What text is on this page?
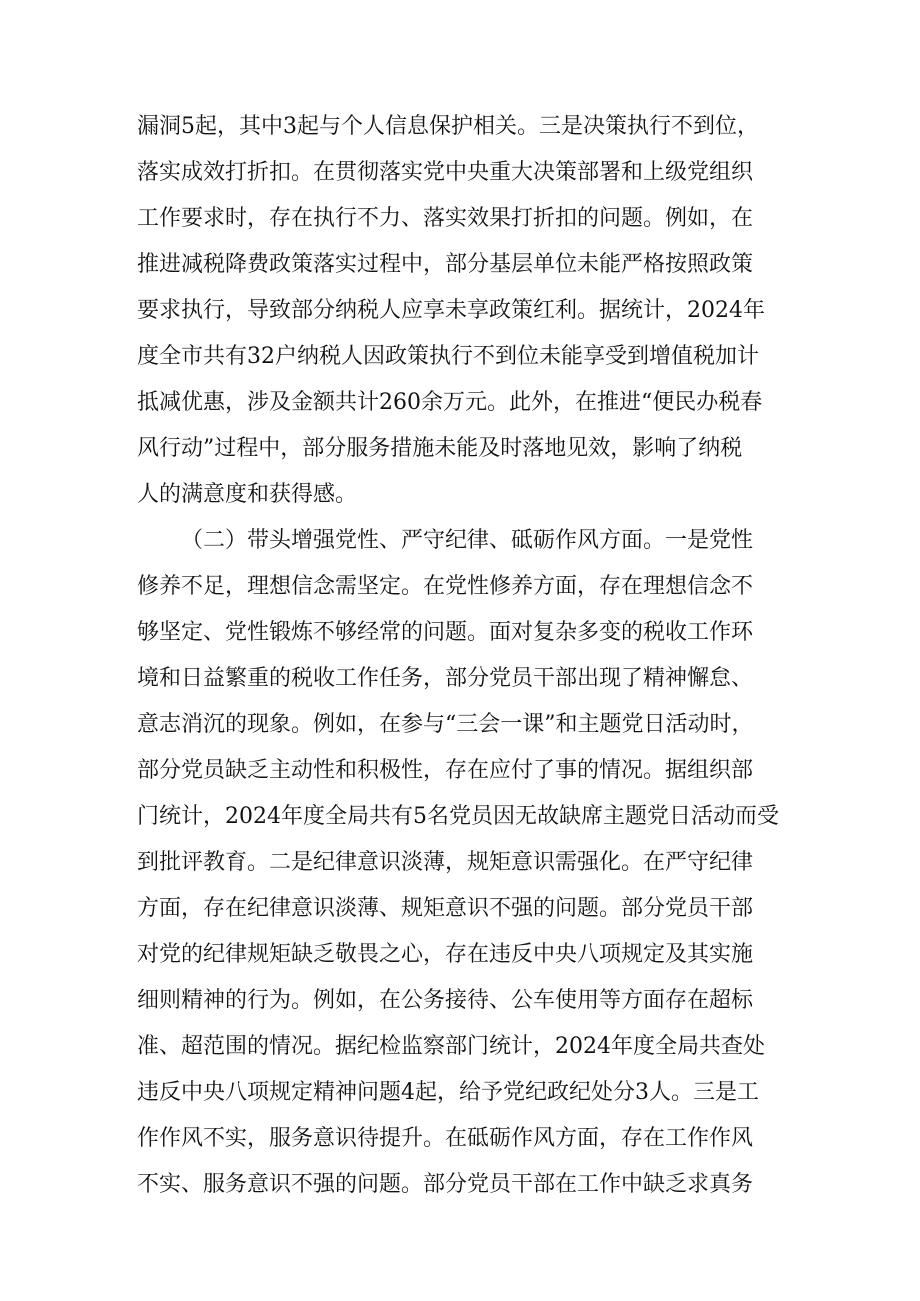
漏洞5起，其中3起与个人信息保护相关。三是决策执行不到位，
落实成效打折扣。在贯彻落实党中央重大决策部署和上级党组织
工作要求时，存在执行不力、落实效果打折扣的问题。例如，在
推进减税降费政策落实过程中，部分基层单位未能严格按照政策
要求执行，导致部分纳税人应享未享政策红利。据统计，2024年
度全市共有32户纳税人因政策执行不到位未能享受到增值税加计
抵减优惠，涉及金额共计260余万元。此外，在推进“便民办税春
风行动”过程中，部分服务措施未能及时落地见效，影响了纳税
人的满意度和获得感。
（二）带头增强党性、严守纪律、砥砺作风方面。一是党性
修养不足，理想信念需坚定。在党性修养方面，存在理想信念不
够坚定、党性锻炼不够经常的问题。面对复杂多变的税收工作环
境和日益繁重的税收工作任务，部分党员干部出现了精神懈怠、
意志消沉的现象。例如，在参与“三会一课”和主题党日活动时，
部分党员缺乏主动性和积极性，存在应付了事的情况。据组织部
门统计，2024年度全局共有5名党员因无故缺席主题党日活动而受
到批评教育。二是纪律意识淡薄，规矩意识需强化。在严守纪律
方面，存在纪律意识淡薄、规矩意识不强的问题。部分党员干部
对党的纪律规矩缺乏敬畏之心，存在违反中央八项规定及其实施
细则精神的行为。例如，在公务接待、公车使用等方面存在超标
准、超范围的情况。据纪检监察部门统计，2024年度全局共查处
违反中央八项规定精神问题4起，给予党纪政纪处分3人。三是工
作作风不实，服务意识待提升。在砥砺作风方面，存在工作作风
不实、服务意识不强的问题。部分党员干部在工作中缺乏求真务
